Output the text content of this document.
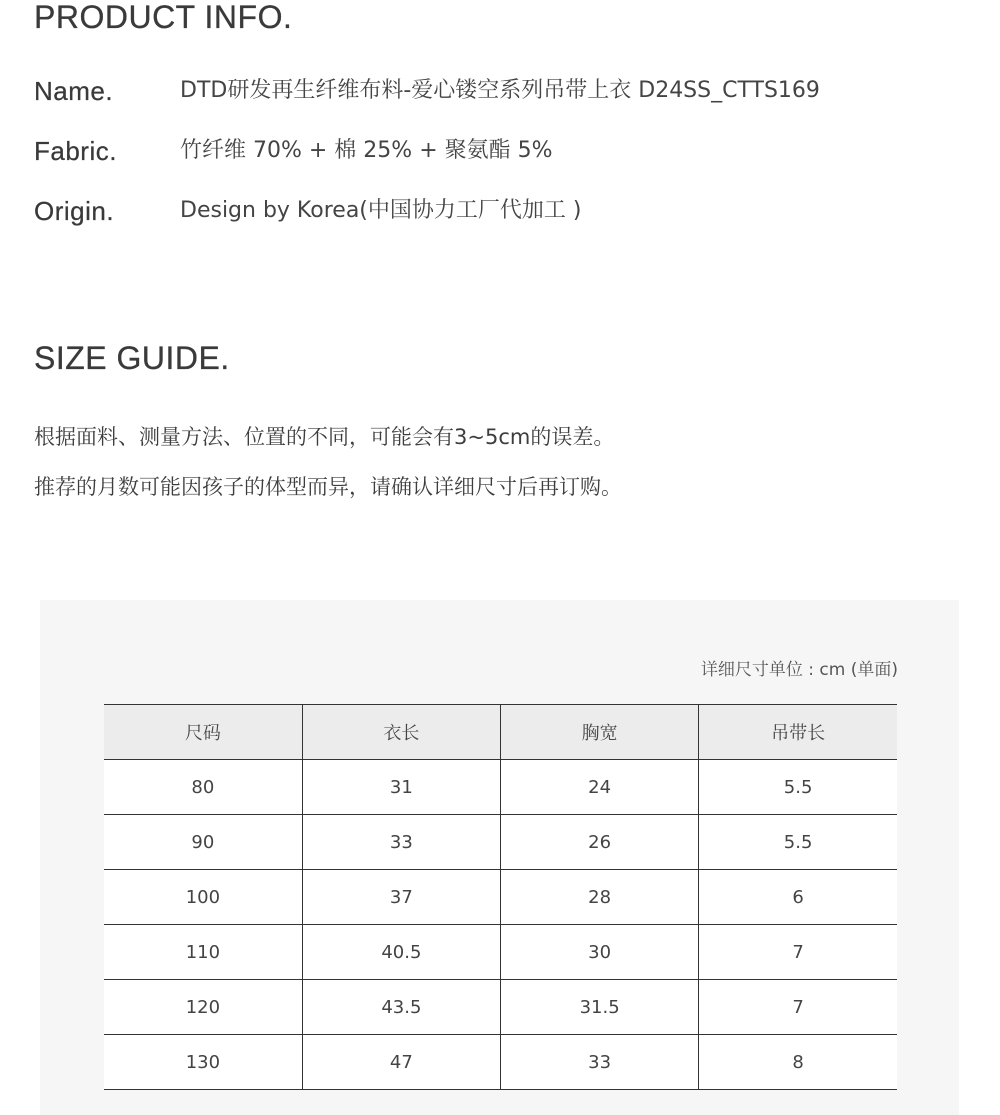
PRODUCT INFO.
Name.	DTD研发再生纤维布料-爱心镂空系列吊带上衣 D24SS_CTTS169
Fabric.	竹纤维 70% + 棉 25% + 聚氨酯 5%
Origin.	Design by Korea(中国协力工厂代加工 )
SIZE GUIDE.

根据面料、测量方法、位置的不同，可能会有3~5cm的误差。

推荐的月数可能因孩子的体型而异，请确认详细尺寸后再订购。

详细尺寸单位 : cm (单面)
尺码	衣长	胸宽	吊带长
80	31	24	5.5
90	33	26	5.5
100	37	28	6
110	40.5	30	7
120	43.5	31.5	7
130	47	33	8
